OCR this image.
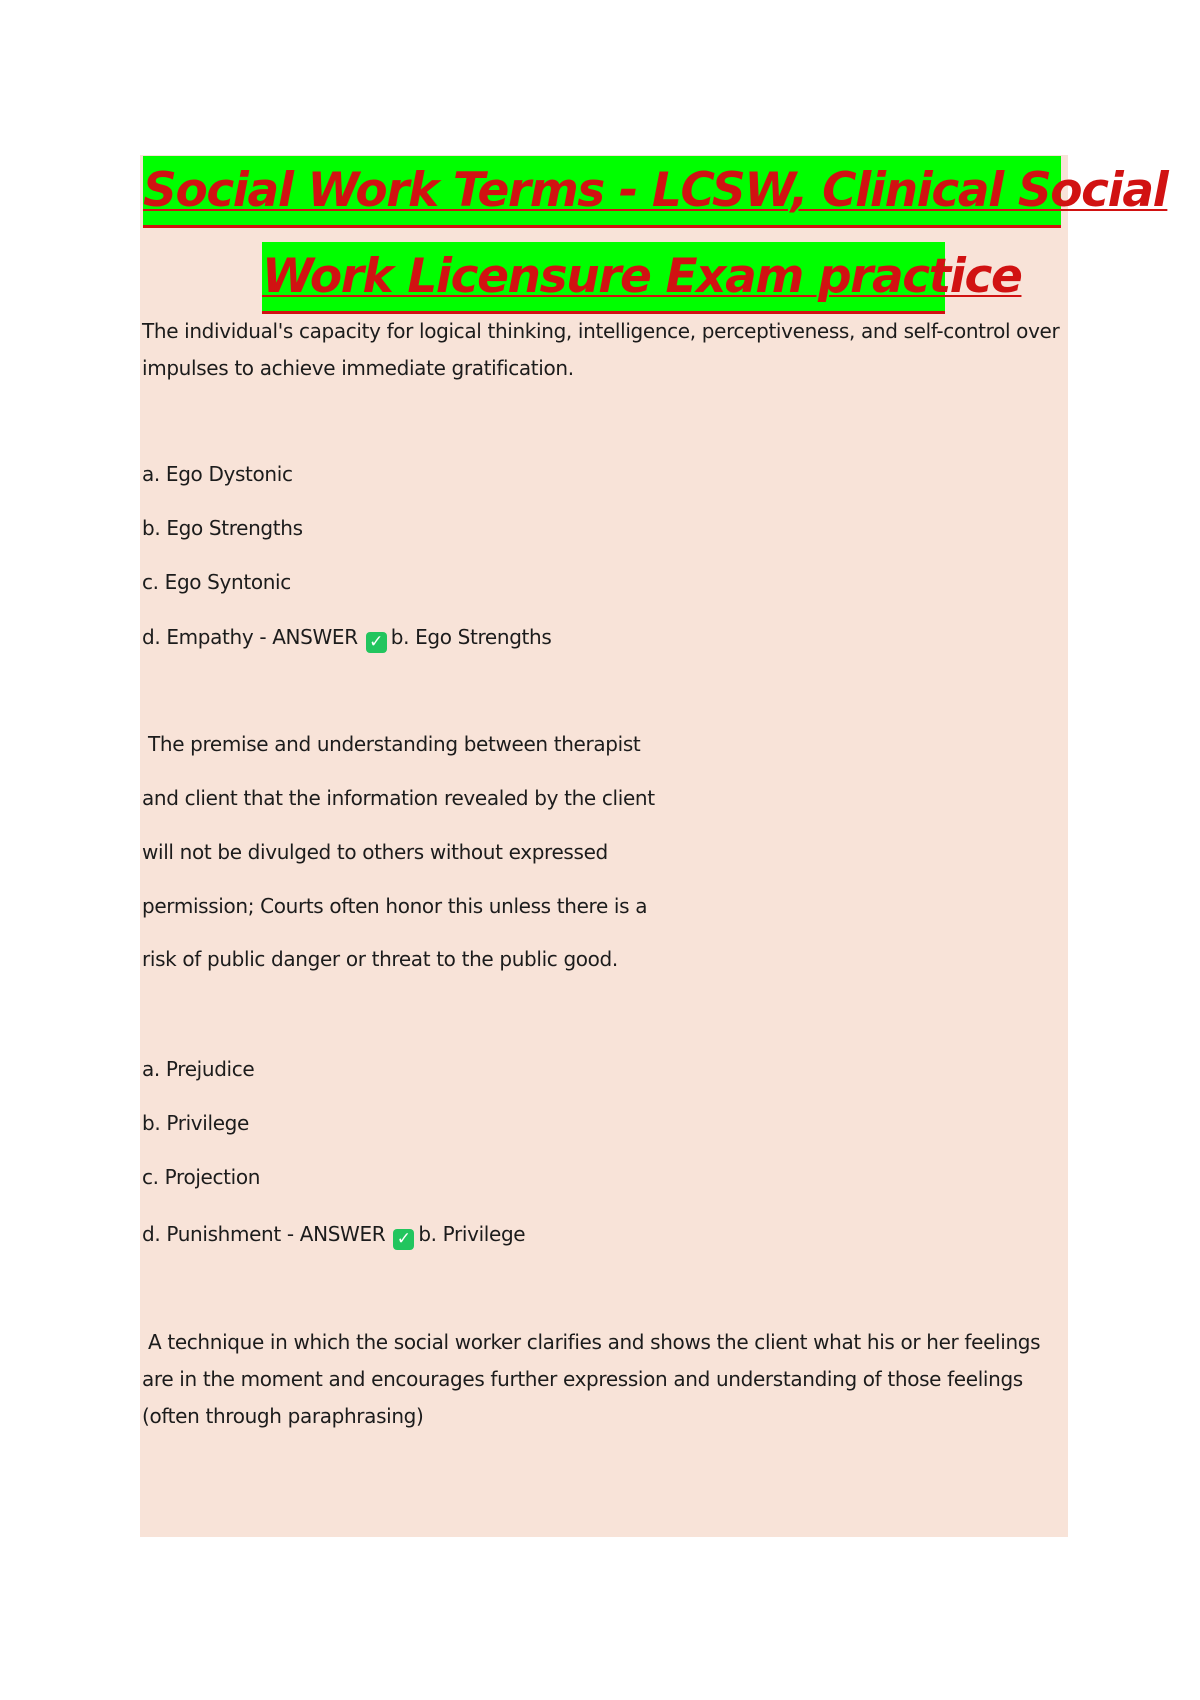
Social Work Terms - LCSW, Clinical Social
Work Licensure Exam practice
The individual's capacity for logical thinking, intelligence, perceptiveness, and self-control over
impulses to achieve immediate gratification.
a. Ego Dystonic
b. Ego Strengths
c. Ego Syntonic
d. Empathy - ANSWER ✓ b. Ego Strengths
The premise and understanding between therapist
and client that the information revealed by the client
will not be divulged to others without expressed
permission; Courts often honor this unless there is a
risk of public danger or threat to the public good.
a. Prejudice
b. Privilege
c. Projection
d. Punishment - ANSWER ✓ b. Privilege
A technique in which the social worker clarifies and shows the client what his or her feelings
are in the moment and encourages further expression and understanding of those feelings
(often through paraphrasing)
